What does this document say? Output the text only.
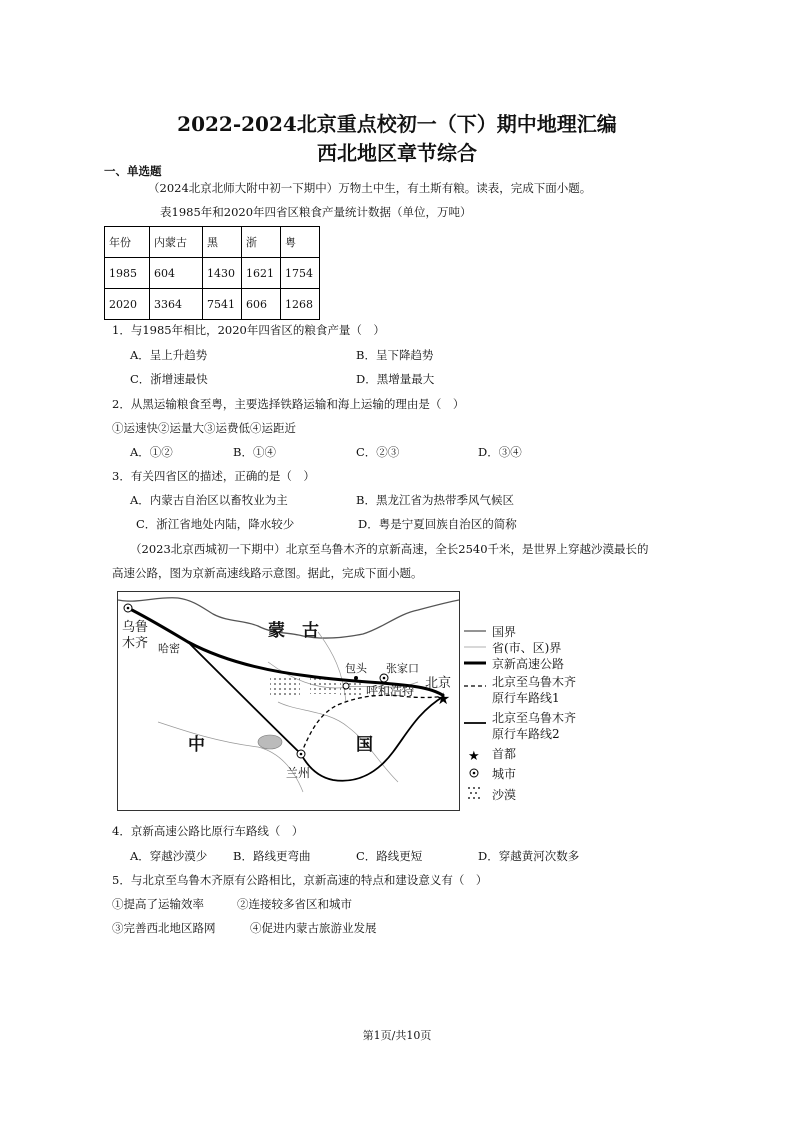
2022-2024北京重点校初一（下）期中地理汇编
西北地区章节综合
一、单选题
（2024北京北师大附中初一下期中）万物土中生，有土斯有粮。读表，完成下面小题。
表1985年和2020年四省区粮食产量统计数据（单位，万吨）
年份	内蒙古	黑	浙	粤
1985	604	1430	1621	1754
2020	3364	7541	606	1268
1．与1985年相比，2020年四省区的粮食产量（　）
A．呈上升趋势	B．呈下降趋势
C．浙增速最快	D．黑增量最大
2．从黑运输粮食至粤，主要选择铁路运输和海上运输的理由是（　）
①运速快②运量大③运费低④运距近
A．①②	B．①④	C．②③	D．③④
3．有关四省区的描述，正确的是（　）
A．内蒙古自治区以畜牧业为主	B．黑龙江省为热带季风气候区
C．浙江省地处内陆，降水较少	D．粤是宁夏回族自治区的简称
（2023北京西城初一下期中）北京至乌鲁木齐的京新高速，全长2540千米，是世界上穿越沙漠最长的
高速公路，图为京新高速线路示意图。据此，完成下面小题。
★
乌鲁
木齐 哈密
蒙　古
包头 张家口
呼和浩特 北京
中	国
兰州
★
国界
省(市、区)界
京新高速公路
北京至乌鲁木齐
原行车路线1
北京至乌鲁木齐
原行车路线2
首都
城市
沙漠
4．京新高速公路比原行车路线（　）
A．穿越沙漠少 B．路线更弯曲	C．路线更短	D．穿越黄河次数多
5．与北京至乌鲁木齐原有公路相比，京新高速的特点和建设意义有（　）
①提高了运输效率	②连接较多省区和城市
③完善西北地区路网	④促进内蒙古旅游业发展
第1页/共10页
